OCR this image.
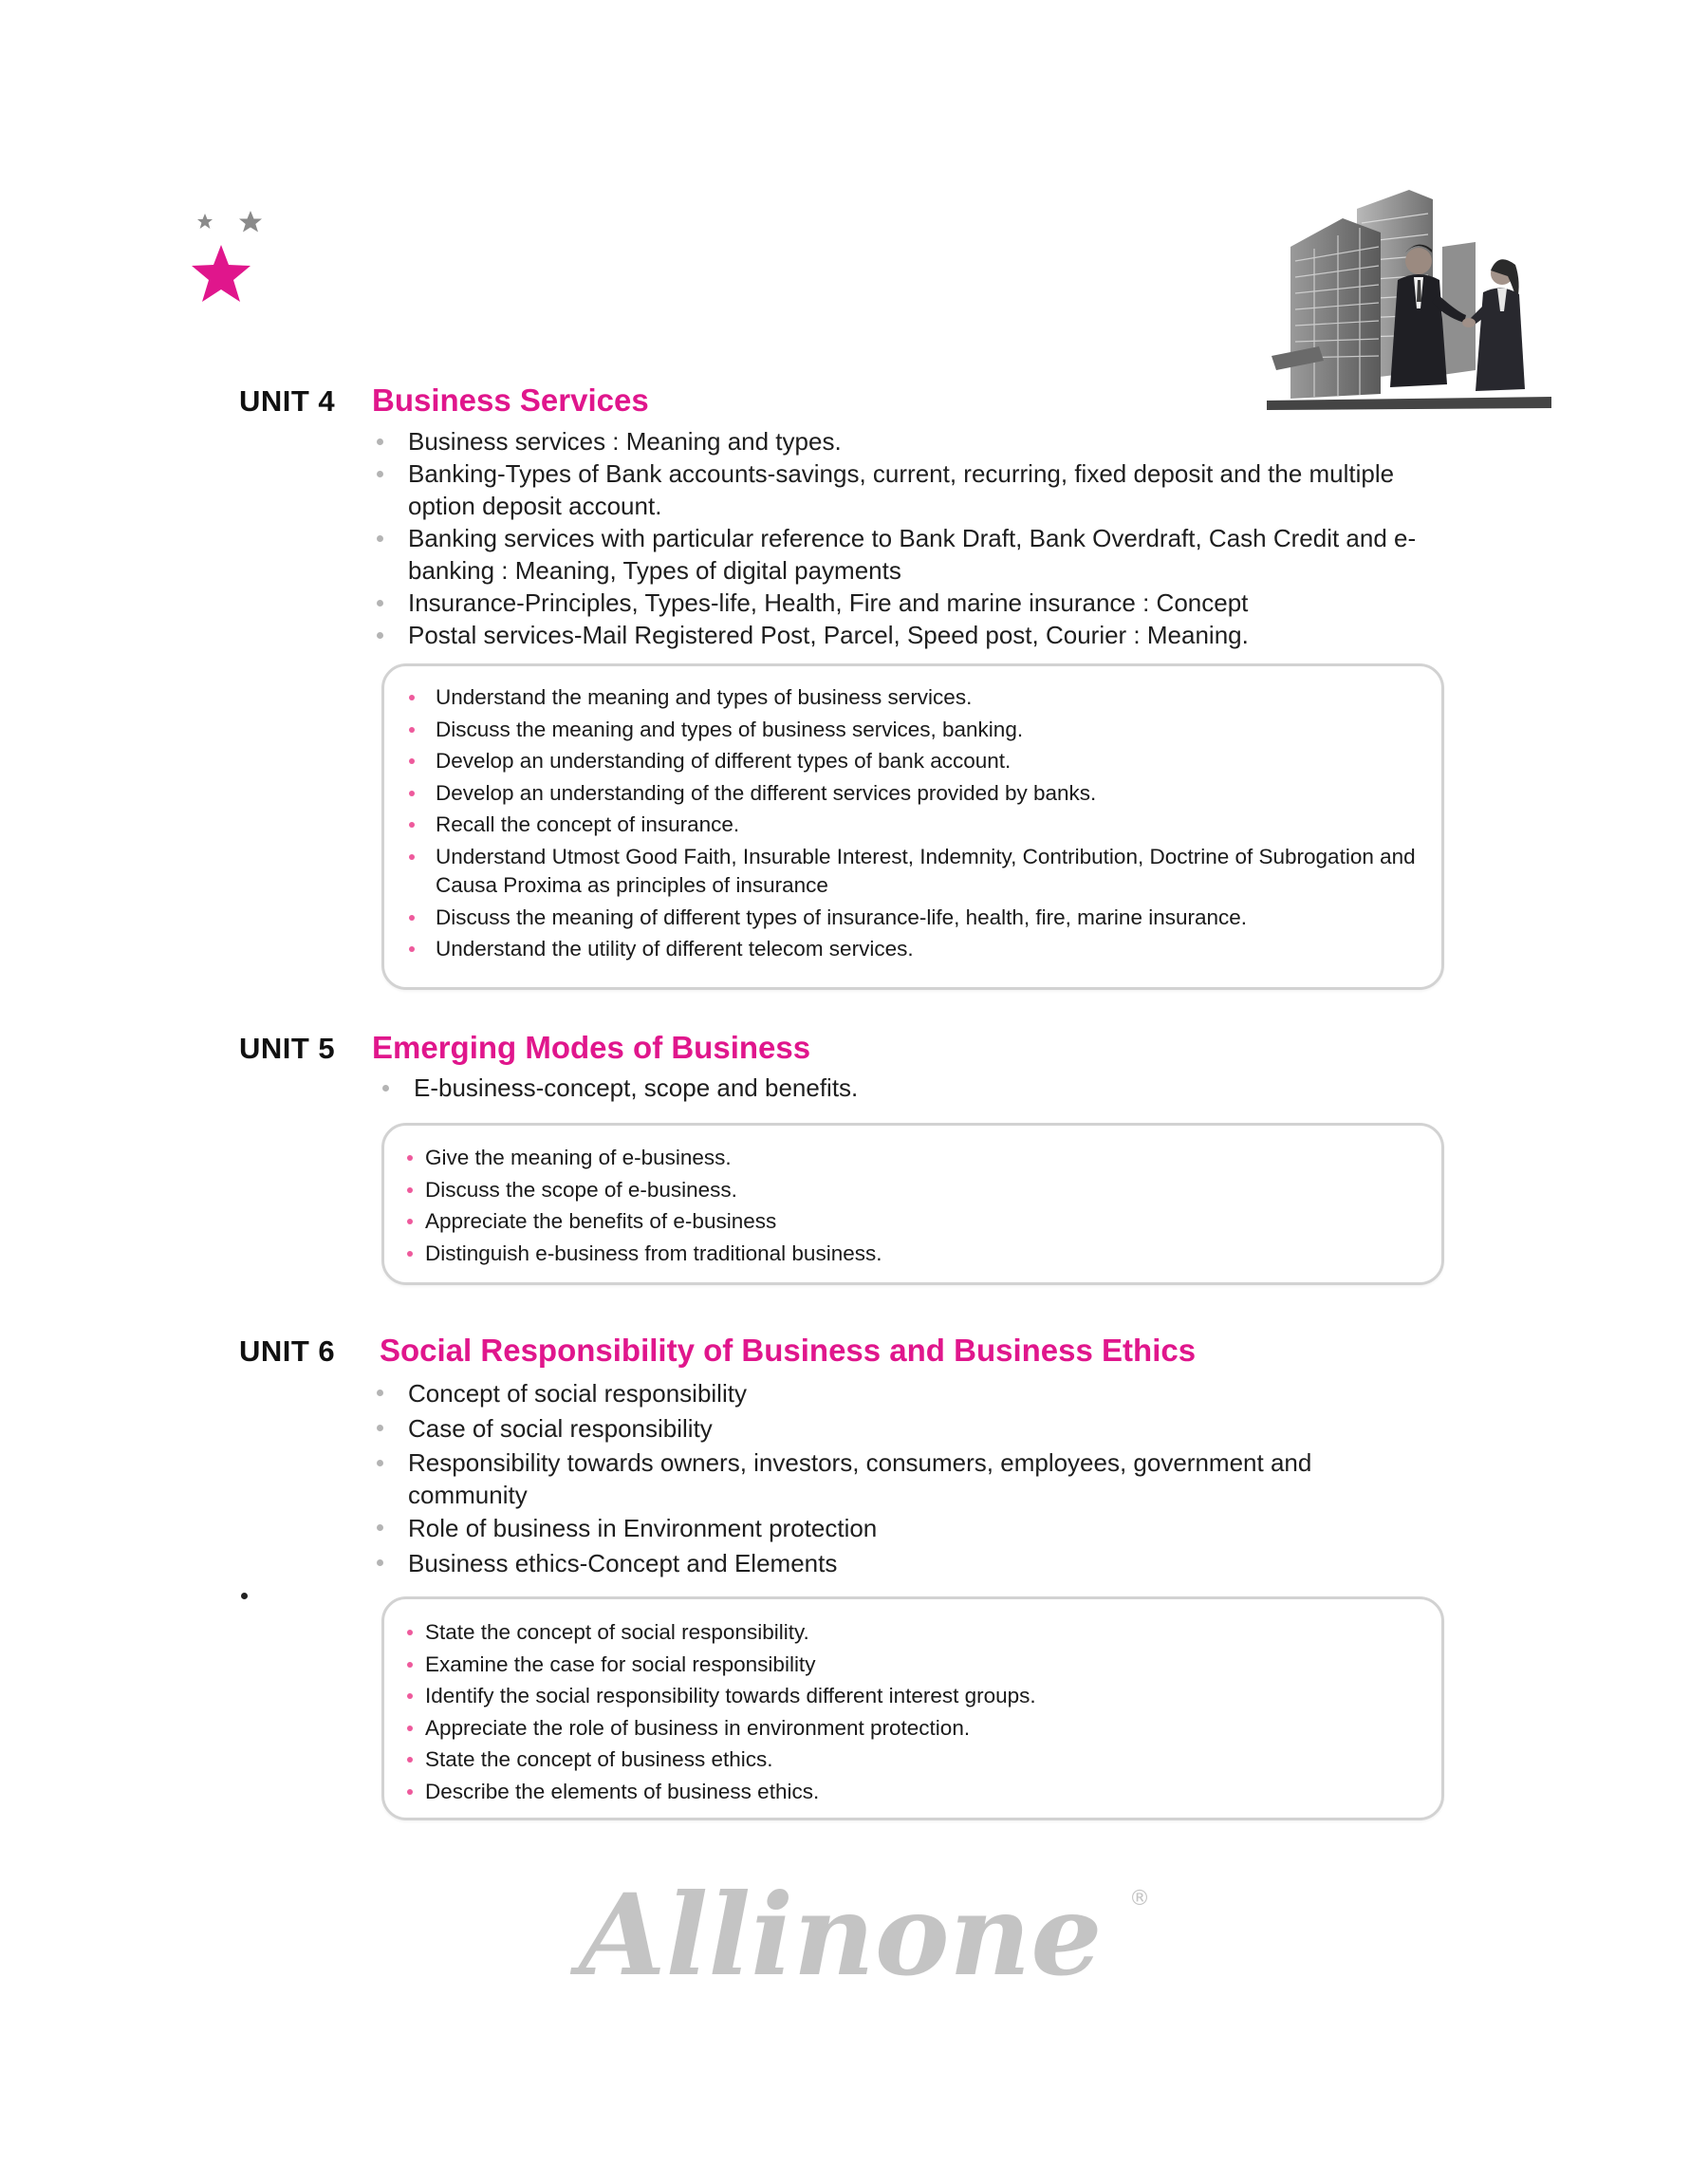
UNIT 4 Business Services
Business services : Meaning and types.
Banking-Types of Bank accounts-savings, current, recurring, fixed deposit and the multiple option deposit account.
Banking services with particular reference to Bank Draft, Bank Overdraft, Cash Credit and e-banking : Meaning, Types of digital payments
Insurance-Principles, Types-life, Health, Fire and marine insurance : Concept
Postal services-Mail Registered Post, Parcel, Speed post, Courier : Meaning.
Understand the meaning and types of business services.
Discuss the meaning and types of business services, banking.
Develop an understanding of different types of bank account.
Develop an understanding of the different services provided by banks.
Recall the concept of insurance.
Understand Utmost Good Faith, Insurable Interest, Indemnity, Contribution, Doctrine of Subrogation and Causa Proxima as principles of insurance
Discuss the meaning of different types of insurance-life, health, fire, marine insurance.
Understand the utility of different telecom services.
UNIT 5 Emerging Modes of Business
E-business-concept, scope and benefits.
Give the meaning of e-business.
Discuss the scope of e-business.
Appreciate the benefits of e-business
Distinguish e-business from traditional business.
UNIT 6 Social Responsibility of Business and Business Ethics
Concept of social responsibility
Case of social responsibility
Responsibility towards owners, investors, consumers, employees, government and community
Role of business in Environment protection
Business ethics-Concept and Elements
State the concept of social responsibility.
Examine the case for social responsibility
Identify the social responsibility towards different interest groups.
Appreciate the role of business in environment protection.
State the concept of business ethics.
Describe the elements of business ethics.
Allinone ®
